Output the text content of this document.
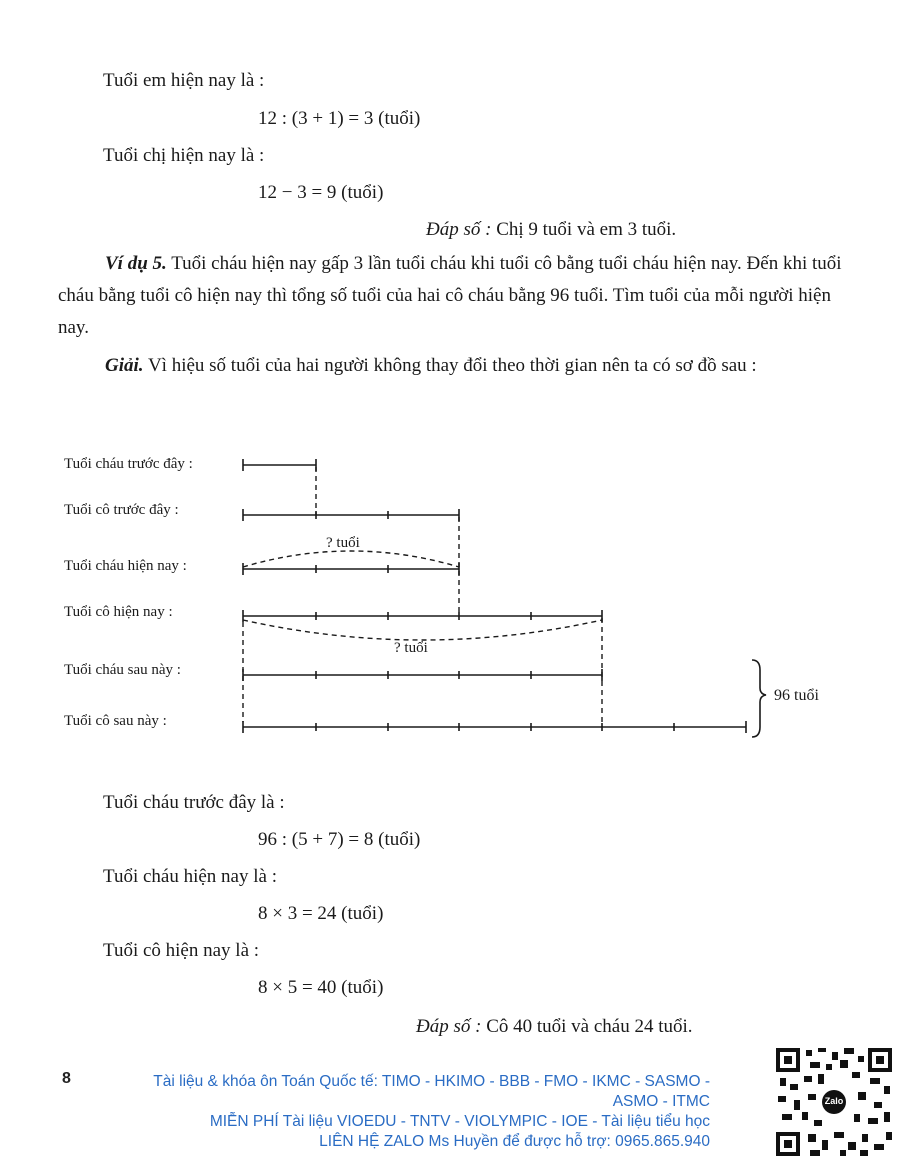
Tuổi em hiện nay là :
12 : (3 + 1) = 3 (tuổi)
Tuổi chị hiện nay là :
12 − 3 = 9 (tuổi)
Đáp số : Chị 9 tuổi và em 3 tuổi.
Ví dụ 5. Tuổi cháu hiện nay gấp 3 lần tuổi cháu khi tuổi cô bằng tuổi cháu hiện nay. Đến khi tuổi cháu bằng tuổi cô hiện nay thì tổng số tuổi của hai cô cháu bằng 96 tuổi. Tìm tuổi của mỗi người hiện nay.
Giải. Vì hiệu số tuổi của hai người không thay đổi theo thời gian nên ta có sơ đồ sau :
Tuổi cháu trước đây :
Tuổi cô trước đây :
Tuổi cháu hiện nay :
Tuổi cô hiện nay :
Tuổi cháu sau này :
Tuổi cô sau này :
? tuổi
? tuổi
96 tuổi
Tuổi cháu trước đây là :
96 : (5 + 7) = 8 (tuổi)
Tuổi cháu hiện nay là :
8 × 3 = 24 (tuổi)
Tuổi cô hiện nay là :
8 × 5 = 40 (tuổi)
Đáp số : Cô 40 tuổi và cháu 24 tuổi.
8	Tài liệu & khóa ôn Toán Quốc tế: TIMO - HKIMO - BBB - FMO - IKMC - SASMO -
ASMO - ITMC
MIỄN PHÍ Tài liệu VIOEDU - TNTV - VIOLYMPIC - IOE - Tài liệu tiểu học
LIÊN HỆ ZALO Ms Huyền để được hỗ trợ: 0965.865.940
Zalo
